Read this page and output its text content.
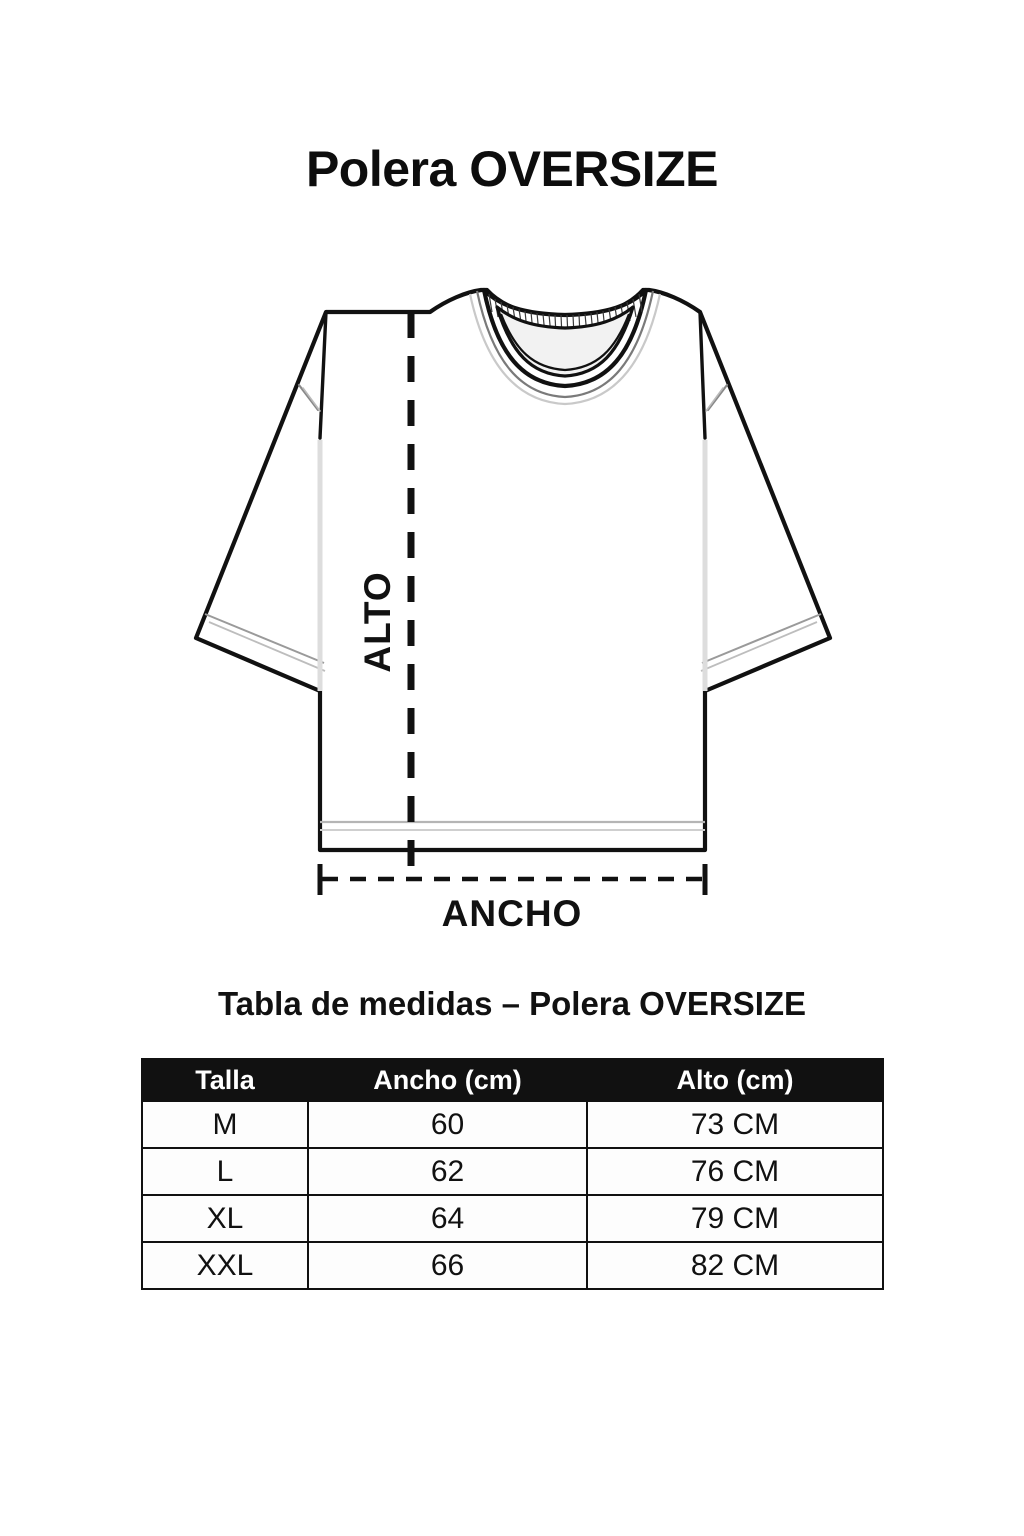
Polera OVERSIZE
ALTO
ANCHO
Tabla de medidas – Polera OVERSIZE
Talla	Ancho (cm)	Alto (cm)
M	60	73 CM
L	62	76 CM
XL	64	79 CM
XXL	66	82 CM
